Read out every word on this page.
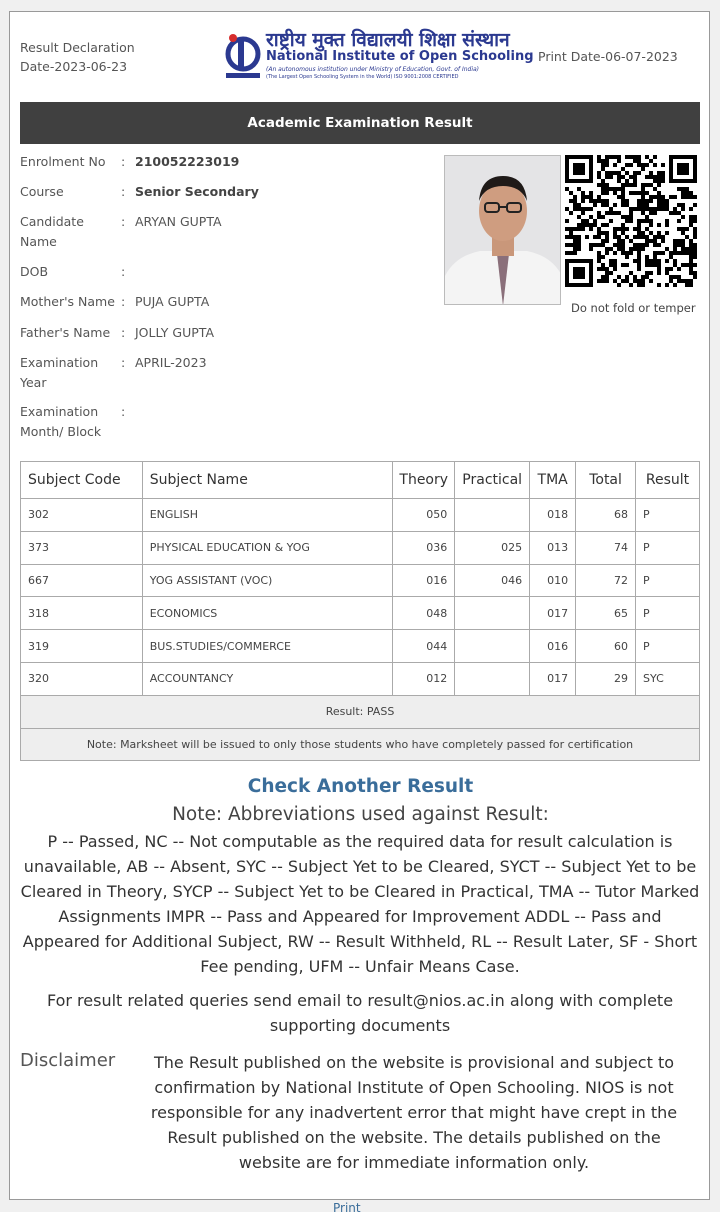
Result Declaration
Date-2023-06-23
राष्ट्रीय मुक्त विद्यालयी शिक्षा संस्थान
National Institute of Open Schooling
(An autonomous institution under Ministry of Education, Govt. of India)
(The Largest Open Schooling System in the World) ISO 9001:2008 CERTIFIED
Print Date-06-07-2023
Academic Examination Result
Enrolment No	: 210052223019
Course	: Senior Secondary
Candidate Name
: ARYAN GUPTA
DOB	:
Mother's Name : PUJA GUPTA
Father's Name : JOLLY GUPTA
Examination Year
: APRIL-2023
Examination Month/ Block
:
Do not fold or temper
Subject Code	Subject Name	Theory	Practical	TMA	Total	Result
302	ENGLISH	050		018	68	P
373	PHYSICAL EDUCATION & YOG	036	025	013	74	P
667	YOG ASSISTANT (VOC)	016	046	010	72	P
318	ECONOMICS	048		017	65	P
319	BUS.STUDIES/COMMERCE	044		016	60	P
320	ACCOUNTANCY	012		017	29	SYC
Result: PASS						
Note: Marksheet will be issued to only those students who have completely passed for certification						
Check Another Result
Note: Abbreviations used against Result:
P -- Passed, NC -- Not computable as the required data for result calculation is unavailable, AB -- Absent, SYC -- Subject Yet to be Cleared, SYCT -- Subject Yet to be Cleared in Theory, SYCP -- Subject Yet to be Cleared in Practical, TMA -- Tutor Marked Assignments IMPR -- Pass and Appeared for Improvement ADDL -- Pass and Appeared for Additional Subject, RW -- Result Withheld, RL -- Result Later, SF - Short Fee pending, UFM -- Unfair Means Case.
For result related queries send email to result@nios.ac.in along with complete supporting documents
Disclaimer	The Result published on the website is provisional and subject to confirmation by National Institute of Open Schooling. NIOS is not responsible for any inadvertent error that might have crept in the Result published on the website. The details published on the website are for immediate information only.
Print
